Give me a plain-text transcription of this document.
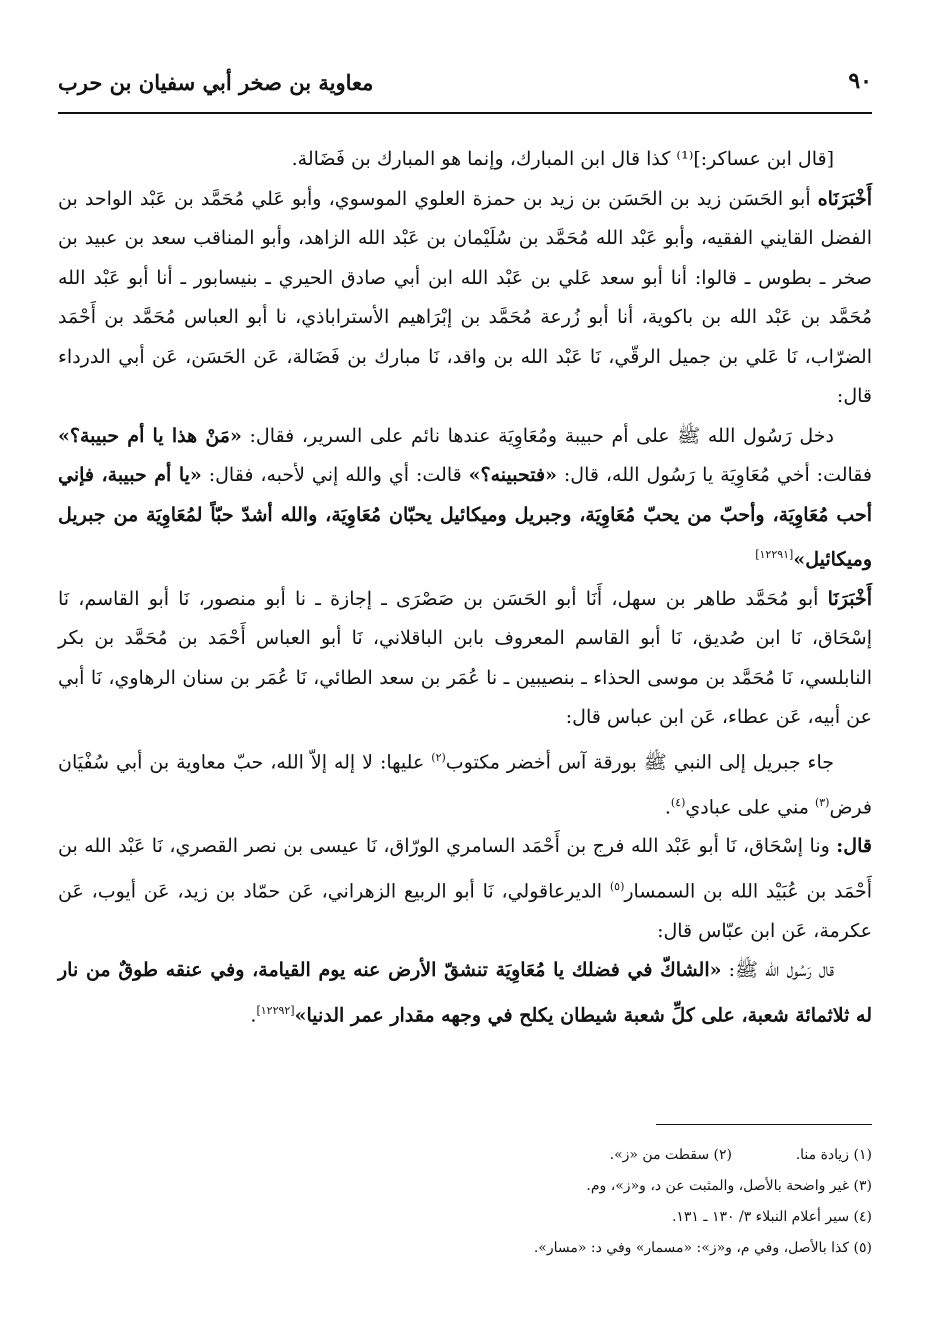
٩٠
معاوية بن صخر أبي سفيان بن حرب

[قال ابن عساكر:]⁽¹⁾ كذا قال ابن المبارك، وإنما هو المبارك بن فَضَالة.

أَخْبَرَنَاه أبو الحَسَن زيد بن الحَسَن بن زيد بن حمزة العلوي الموسوي، وأبو عَلي مُحَمَّد بن عَبْد الواحد بن الفضل القايني الفقيه، وأبو عَبْد الله مُحَمَّد بن سُلَيْمان بن عَبْد الله الزاهد، وأبو المناقب سعد بن عبيد بن صخر ـ بطوس ـ قالوا: أنا أبو سعد عَلي بن عَبْد الله ابن أبي صادق الحيري ـ بنيسابور ـ أنا أبو عَبْد الله مُحَمَّد بن عَبْد الله بن باكوية، أنا أبو زُرعة مُحَمَّد بن إبْرَاهيم الأستراباذي، نا أبو العباس مُحَمَّد بن أَحْمَد الضرّاب، نَا عَلي بن جميل الرقّي، نَا عَبْد الله بن واقد، نَا مبارك بن فَضَالة، عَن الحَسَن، عَن أبي الدرداء قال:

دخل رَسُول الله ﷺ على أم حبيبة ومُعَاوِيَة عندها نائم على السرير، فقال: «مَنْ هذا يا أم حبيبة؟» فقالت: أخي مُعَاوِيَة يا رَسُول الله، قال: «فتحبينه؟» قالت: أي والله إني لأحبه، فقال: «يا أم حبيبة، فإني أحب مُعَاوِيَة، وأحبّ من يحبّ مُعَاوِيَة، وجبريل وميكائيل يحبّان مُعَاوِيَة، والله أشدّ حبّاً لمُعَاوِيَة من جبريل وميكائيل»[١٢٢٩١]

أَخْبَرَنَا أبو مُحَمَّد طاهر بن سهل، أَنَا أبو الحَسَن بن صَصْرَى ـ إجازة ـ نا أبو منصور، نَا أبو القاسم، نَا إسْحَاق، نَا ابن صُديق، نَا أبو القاسم المعروف بابن الباقلاني، نَا أبو العباس أَحْمَد بن مُحَمَّد بن بكر النابلسي، نَا مُحَمَّد بن موسى الحذاء ـ بنصيبين ـ نا عُمَر بن سعد الطائي، نَا عُمَر بن سنان الرهاوي، نَا أبي عن أبيه، عَن عطاء، عَن ابن عباس قال:

جاء جبريل إلى النبي ﷺ بورقة آس أخضر مكتوب$^{(٢)}$ عليها: لا إله إلاّ الله، حبّ معاوية بن أبي سُفْيَان فرض$^{(٣)}$ مني على عبادي$^{(٤)}$.

قال: ونا إسْحَاق، نَا أبو عَبْد الله فرج بن أَحْمَد السامري الورّاق، نَا عيسى بن نصر القصري، نَا عَبْد الله بن أَحْمَد بن عُبَيْد الله بن السمسار$^{(٥)}$ الديرعاقولي، نَا أبو الربيع الزهراني، عَن حمّاد بن زيد، عَن أيوب، عَن عكرمة، عَن ابن عبّاس قال:

قال رَسُول الله ﷺ: «الشاكّ في فضلك يا مُعَاوِيَة تنشقّ الأرض عنه يوم القيامة، وفي عنقه طوقٌ من نار له ثلاثمائة شعبة، على كلِّ شعبة شيطان يكلح في وجهه مقدار عمر الدنيا»[١٢٢٩٢].

(١) زيادة منا.(٢) سقطت من «ز».
(٣) غير واضحة بالأصل، والمثبت عن د، و«ز»، وم.
(٤) سير أعلام النبلاء ٣/ ١٣٠ ـ ١٣١.
(٥) كذا بالأصل، وفي م، و«ز»: «مسمار» وفي د: «مسار».
